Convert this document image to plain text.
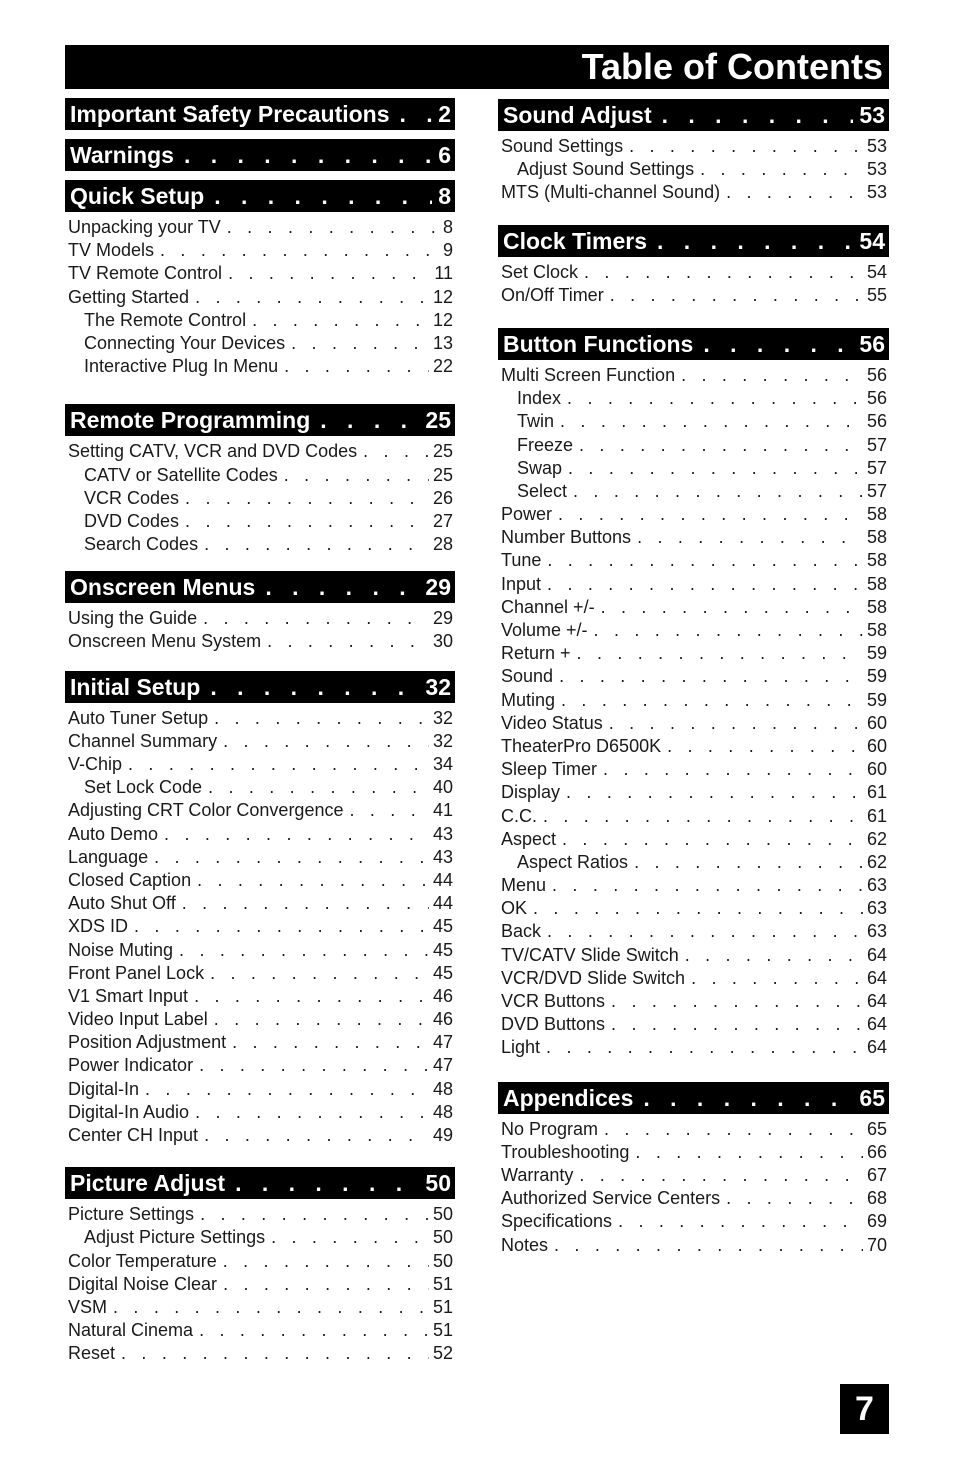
Table of Contents
Important Safety Precautions . . .	2
Warnings . . .	6
Quick Setup . . .	8
Unpacking your TV . . .	8
TV Models . . .	9
TV Remote Control . . .	11
Getting Started . . .	12
The Remote Control . . .	12
Connecting Your Devices . . .	13
Interactive Plug In Menu . . .	22
Remote Programming . . .	25
Setting CATV, VCR and DVD Codes . . .	25
CATV or Satellite Codes . . .	25
VCR Codes . . .	26
DVD Codes . . .	27
Search Codes . . .	28
Onscreen Menus . . .	29
Using the Guide . . .	29
Onscreen Menu System . . .	30
Initial Setup . . .	32
Auto Tuner Setup . . .	32
Channel Summary . . .	32
V-Chip . . .	34
Set Lock Code . . .	40
Adjusting CRT Color Convergence . . .	41
Auto Demo . . .	43
Language . . .	43
Closed Caption . . .	44
Auto Shut Off . . .	44
XDS ID . . .	45
Noise Muting . . .	45
Front Panel Lock . . .	45
V1 Smart Input . . .	46
Video Input Label . . .	46
Position Adjustment . . .	47
Power Indicator . . .	47
Digital-In . . .	48
Digital-In Audio . . .	48
Center CH Input . . .	49
Picture Adjust . . .	50
Picture Settings . . .	50
Adjust Picture Settings . . .	50
Color Temperature . . .	50
Digital Noise Clear . . .	51
VSM . . .	51
Natural Cinema . . .	51
Reset . . .	52
Sound Adjust . . .	53
Sound Settings . . .	53
Adjust Sound Settings . . .	53
MTS (Multi-channel Sound) . . .	53
Clock Timers . . .	54
Set Clock . . .	54
On/Off Timer . . .	55
Button Functions . . .	56
Multi Screen Function . . .	56
Index . . .	56
Twin . . .	56
Freeze . . .	57
Swap . . .	57
Select . . .	57
Power . . .	58
Number Buttons . . .	58
Tune . . .	58
Input . . .	58
Channel +/- . . .	58
Volume +/- . . .	58
Return + . . .	59
Sound . . .	59
Muting . . .	59
Video Status . . .	60
TheaterPro D6500K . . .	60
Sleep Timer . . .	60
Display . . .	61
C.C. . . .	61
Aspect . . .	62
Aspect Ratios . . .	62
Menu . . .	63
OK . . .	63
Back . . .	63
TV/CATV Slide Switch . . .	64
VCR/DVD Slide Switch . . .	64
VCR Buttons . . .	64
DVD Buttons . . .	64
Light . . .	64
Appendices . . .	65
No Program . . .	65
Troubleshooting . . .	66
Warranty . . .	67
Authorized Service Centers . . .	68
Specifications . . .	69
Notes . . .	70
7
